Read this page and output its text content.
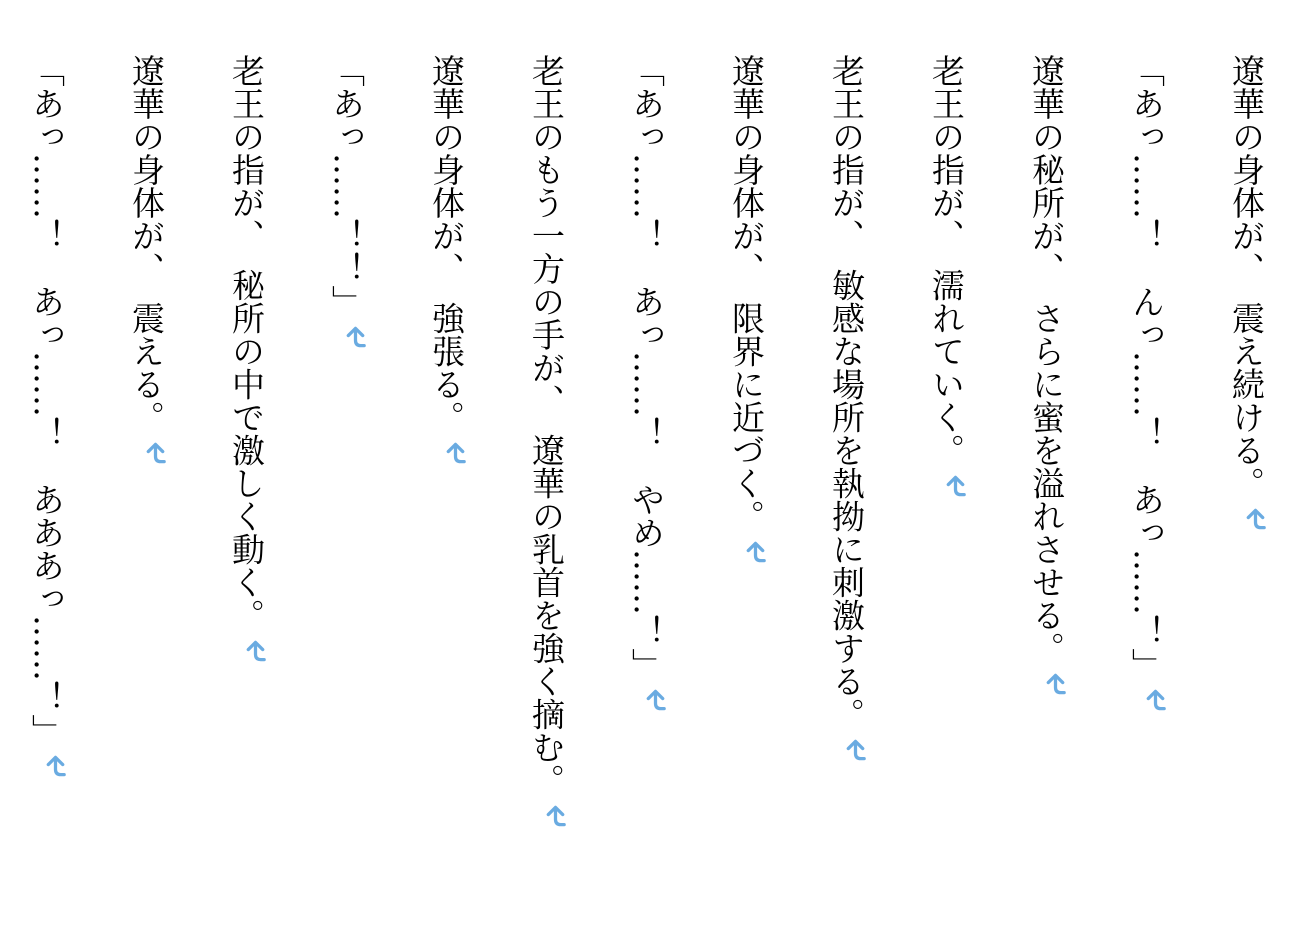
遼華の身体が、　震え続ける。
「あっ……！　んっ……！　あっ……！」
遼華の秘所が、　さらに蜜を溢れさせる。
老王の指が、　濡れていく。
老王の指が、　敏感な場所を執拗に刺激する。
遼華の身体が、　限界に近づく。
「あっ……！　あっ……！　やめ……！」
老王のもう一方の手が、　遼華の乳首を強く摘む。
遼華の身体が、　強張る。
「あっ……！！」
老王の指が、　秘所の中で激しく動く。
遼華の身体が、　震える。
「あっ……！　あっ……！　あああっ……！」
